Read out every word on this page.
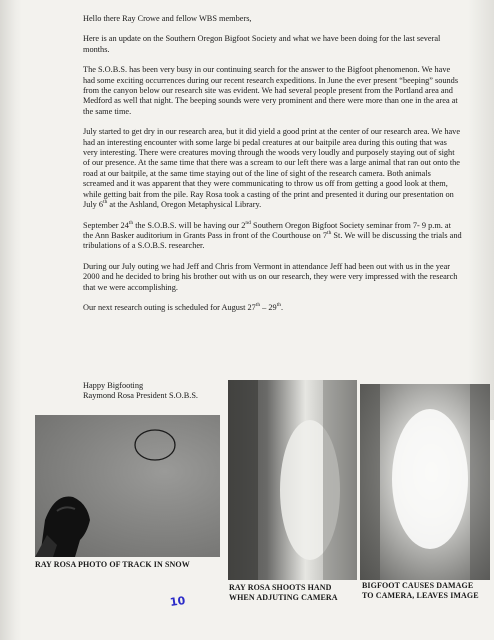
Hello there Ray Crowe and fellow WBS members,

Here is an update on the Southern Oregon Bigfoot Society and what we have been doing for the last several months.

The S.O.B.S. has been very busy in our continuing search for the answer to the Bigfoot phenomenon. We have had some exciting occurrences during our recent research expeditions. In June the ever present “beeping” sounds from the canyon below our research site was evident. We had several people present from the Portland area and Medford as well that night. The beeping sounds were very prominent and there were more than one in the area at the same time.

July started to get dry in our research area, but it did yield a good print at the center of our research area. We have had an interesting encounter with some large bi pedal creatures at our baitpile area during this outing that was very interesting. There were creatures moving through the woods very loudly and purposely staying out of sight of our presence. At the same time that there was a scream to our left there was a large animal that ran out onto the road at our baitpile, at the same time staying out of the line of sight of the research camera. Both animals screamed and it was apparent that they were communicating to throw us off from getting a good look at them, while getting bait from the pile. Ray Rosa took a casting of the print and presented it during our presentation on July 6th at the Ashland, Oregon Metaphysical Library.

September 24th the S.O.B.S. will be having our 2nd Southern Oregon Bigfoot Society seminar from 7- 9 p.m. at the Ann Basker auditorium in Grants Pass in front of the Courthouse on 7th St. We will be discussing the trials and tribulations of a S.O.B.S. researcher.

During our July outing we had Jeff and Chris from Vermont in attendance Jeff had been out with us in the year 2000 and he decided to bring his brother out with us on our research, they were very impressed with the research that we were accomplishing.

Our next research outing is scheduled for August 27th – 29th.

Happy Bigfooting
Raymond Rosa President S.O.B.S.
RAY ROSA PHOTO OF TRACK IN SNOW
RAY ROSA SHOOTS HAND
WHEN ADJUTING CAMERA
BIGFOOT CAUSES DAMAGE
TO CAMERA, LEAVES IMAGE
10
